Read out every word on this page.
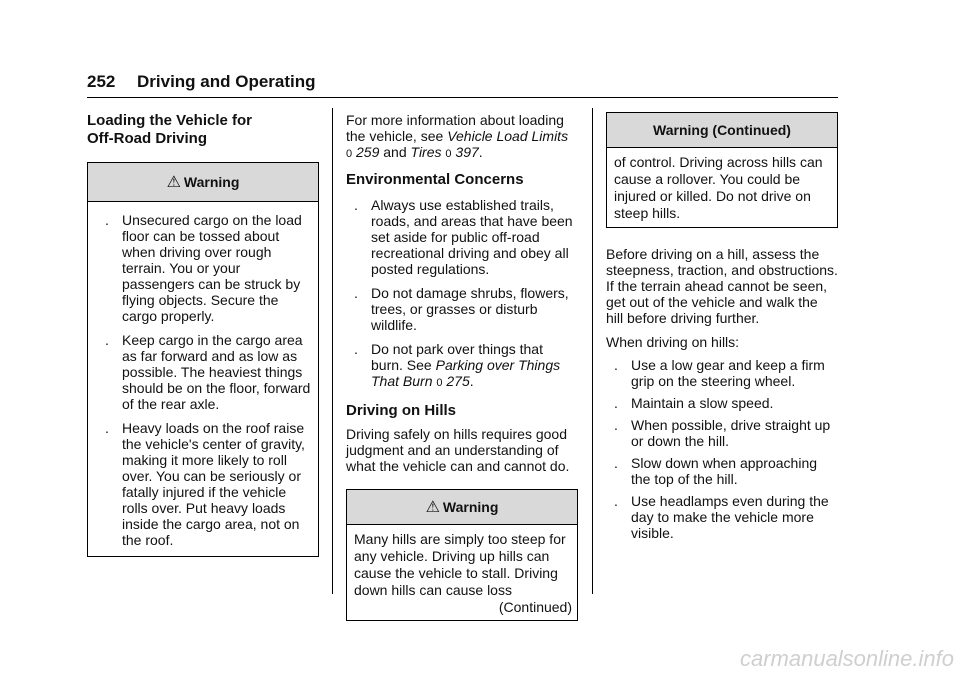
252 Driving and Operating
Loading the Vehicle for
Off-Road Driving
⚠ Warning
. Unsecured cargo on the load floor can be tossed about when driving over rough terrain. You or your passengers can be struck by flying objects. Secure the cargo properly.
. Keep cargo in the cargo area as far forward and as low as possible. The heaviest things should be on the floor, forward of the rear axle.
. Heavy loads on the roof raise the vehicle's center of gravity, making it more likely to roll over. You can be seriously or fatally injured if the vehicle rolls over. Put heavy loads inside the cargo area, not on the roof.

For more information about loading the vehicle, see Vehicle Load Limits
0 259 and Tires 0 397.

Environmental Concerns
. Always use established trails, roads, and areas that have been set aside for public off-road recreational driving and obey all posted regulations.
. Do not damage shrubs, flowers, trees, or grasses or disturb wildlife.
. Do not park over things that burn. See Parking over Things That Burn 0 275.
Driving on Hills

Driving safely on hills requires good judgment and an understanding of what the vehicle can and cannot do.

⚠ Warning

Many hills are simply too steep for any vehicle. Driving up hills can cause the vehicle to stall. Driving down hills can cause loss

(Continued)

Warning (Continued)

of control. Driving across hills can cause a rollover. You could be injured or killed. Do not drive on steep hills.

Before driving on a hill, assess the steepness, traction, and obstructions. If the terrain ahead cannot be seen, get out of the vehicle and walk the hill before driving further.

When driving on hills:

. Use a low gear and keep a firm grip on the steering wheel.
. Maintain a slow speed.
. When possible, drive straight up or down the hill.
. Slow down when approaching the top of the hill.
. Use headlamps even during the day to make the vehicle more visible.
carmanualsonline.info
